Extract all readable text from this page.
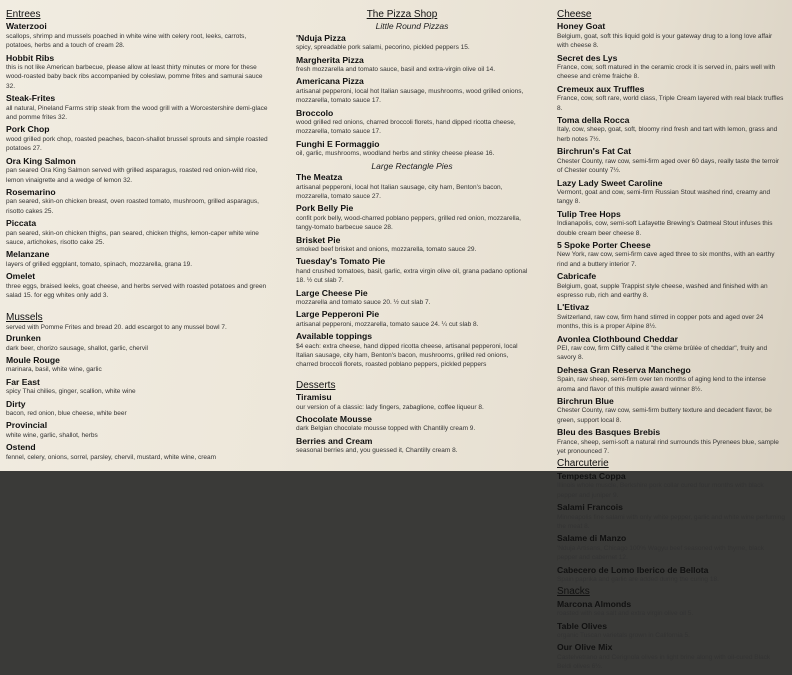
Entrees
Waterzooi
scallops, shrimp and mussels poached in white wine with celery root, leeks, carrots, potatoes, herbs and a touch of cream 28.
Hobbit Ribs
this is not like American barbecue, please allow at least thirty minutes or more for these wood-roasted baby back ribs accompanied by coleslaw, pomme frites and samurai sauce 32.
Steak-Frites
all natural, Pineland Farms strip steak from the wood grill with a Worcestershire demi-glace and pomme frites 32.
Pork Chop
wood grilled pork chop, roasted peaches, bacon-shallot brussel sprouts and simple roasted potatoes 27.
Ora King Salmon
pan seared Ora King Salmon served with grilled asparagus, roasted red onion-wild rice, lemon vinaigrette and a wedge of lemon 32.
Rosemarino
pan seared, skin-on chicken breast, oven roasted tomato, mushroom, grilled asparagus, risotto cakes 25.
Piccata
pan seared, skin-on chicken thighs, pan seared, chicken thighs, lemon-caper white wine sauce, artichokes, risotto cake 25.
Melanzane
layers of grilled eggplant, tomato, spinach, mozzarella, grana 19.
Omelet
three eggs, braised leeks, goat cheese, and herbs served with roasted potatoes and green salad 15. for egg whites only add 3.
Mussels
served with Pomme Frites and bread 20. add escargot to any mussel bowl 7.
Drunken
dark beer, chorizo sausage, shallot, garlic, chervil
Moule Rouge
marinara, basil, white wine, garlic
Far East
spicy Thai chilies, ginger, scallion, white wine
Dirty
bacon, red onion, blue cheese, white beer
Provincial
white wine, garlic, shallot, herbs
Ostend
fennel, celery, onions, sorrel, parsley, chervil, mustard, white wine, cream
The Pizza Shop
Little Round Pizzas
'Nduja Pizza
spicy, spreadable pork salami, pecorino, pickled peppers 15.
Margherita Pizza
fresh mozzarella and tomato sauce, basil and extra-virgin olive oil 14.
Americana Pizza
artisanal pepperoni, local hot Italian sausage, mushrooms, wood grilled onions, mozzarella, tomato sauce 17.
Broccolo
wood grilled red onions, charred broccoli florets, hand dipped ricotta cheese, mozzarella, tomato sauce 17.
Funghi E Formaggio
oil, garlic, mushrooms, woodland herbs and stinky cheese please 16.
Large Rectangle Pies
The Meatza
artisanal pepperoni, local hot Italian sausage, city ham, Benton's bacon, mozzarella, tomato sauce 27.
Pork Belly Pie
confit pork belly, wood-charred poblano peppers, grilled red onion, mozzarella, tangy-tomato barbecue sauce 28.
Brisket Pie
smoked beef brisket and onions, mozzarella, tomato sauce 29.
Tuesday's Tomato Pie
hand crushed tomatoes, basil, garlic, extra virgin olive oil, grana padano optional 18. ½ cut slab 7.
Large Cheese Pie
mozzarella and tomato sauce 20. ½ cut slab 7.
Large Pepperoni Pie
artisanal pepperoni, mozzarella, tomato sauce 24. ¼ cut slab 8.
Available toppings
$4 each: extra cheese, hand dipped ricotta cheese, artisanal pepperoni, local Italian sausage, city ham, Benton's bacon, mushrooms, grilled red onions, charred broccoli florets, roasted poblano peppers, pickled peppers
Desserts
Tiramisu
our version of a classic: lady fingers, zabaglione, coffee liqueur 8.
Chocolate Mousse
dark Belgian chocolate mousse topped with Chantilly cream 9.
Berries and Cream
seasonal berries and, you guessed it, Chantilly cream 8.
Cheese
Honey Goat
Belgium, goat, soft this liquid gold is your gateway drug to a long love affair with cheese 8.
Secret des Lys
France, cow, soft matured in the ceramic crock it is served in, pairs well with cheese and crème fraiche 8.
Cremeux aux Truffles
France, cow, soft rare, world class, Triple Cream layered with real black truffles 8.
Toma della Rocca
Italy, cow, sheep, goat, soft, bloomy rind fresh and tart with lemon, grass and herb notes 7½.
Birchrun's Fat Cat
Chester County, raw cow, semi-firm aged over 60 days, really taste the terroir of Chester county 7½.
Lazy Lady Sweet Caroline
Vermont, goat and cow, semi-firm Russian Stout washed rind, creamy and tangy 8.
Tulip Tree Hops
Indianapolis, cow, semi-soft Lafayette Brewing's Oatmeal Stout infuses this double cream beer cheese 8.
5 Spoke Porter Cheese
New York, raw cow, semi-firm cave aged three to six months, with an earthy rind and a buttery interior 7.
Cabricafe
Belgium, goat, supple Trappist style cheese, washed and finished with an espresso rub, rich and earthy 8.
L'Etivaz
Switzerland, raw cow, firm hand stirred in copper pots and aged over 24 months, this is a proper Alpine 8½.
Avonlea Clothbound Cheddar
PEI, raw cow, firm Cliffy called it "the crème brûlée of cheddar", fruity and savory 8.
Dehesa Gran Reserva Manchego
Spain, raw sheep, semi-firm over ten months of aging lend to the intense aroma and flavor of this multiple award winner 8½.
Birchrun Blue
Chester County, raw cow, semi-firm buttery texture and decadent flavor, be green, support local 8.
Bleu des Basques Brebis
France, sheep, semi-soft a natural rind surrounds this Pyrenees blue, sample yet pronounced 7.
Charcuterie
Tempesta Coppa
Illinois whole muscle, Berkshire pork collar cured four months with black pepper and juniper 9.
Salami Francois
Minneapolis fine salami with only white pepper, garlic and white wine perfuming the meat 8.
Salame di Manzo
'Nduja Artisans, Chicago 100% Wagyu beef seasoned with thyme, black pepper and cabernet 12.
Cabecero de Lomo Iberico de Bellota
Spain paprika and garlic are added during the curing 18.
Snacks
Marcona Almonds
roasted with sea salt and extra virgin olive oil 5.
Table Olives
organic Tuscan varietals grown in California 5.
Our Olive Mix
Castelvetrano and Cerignola olives in light brine along with oil-cured Black Beldi olives 6½.
